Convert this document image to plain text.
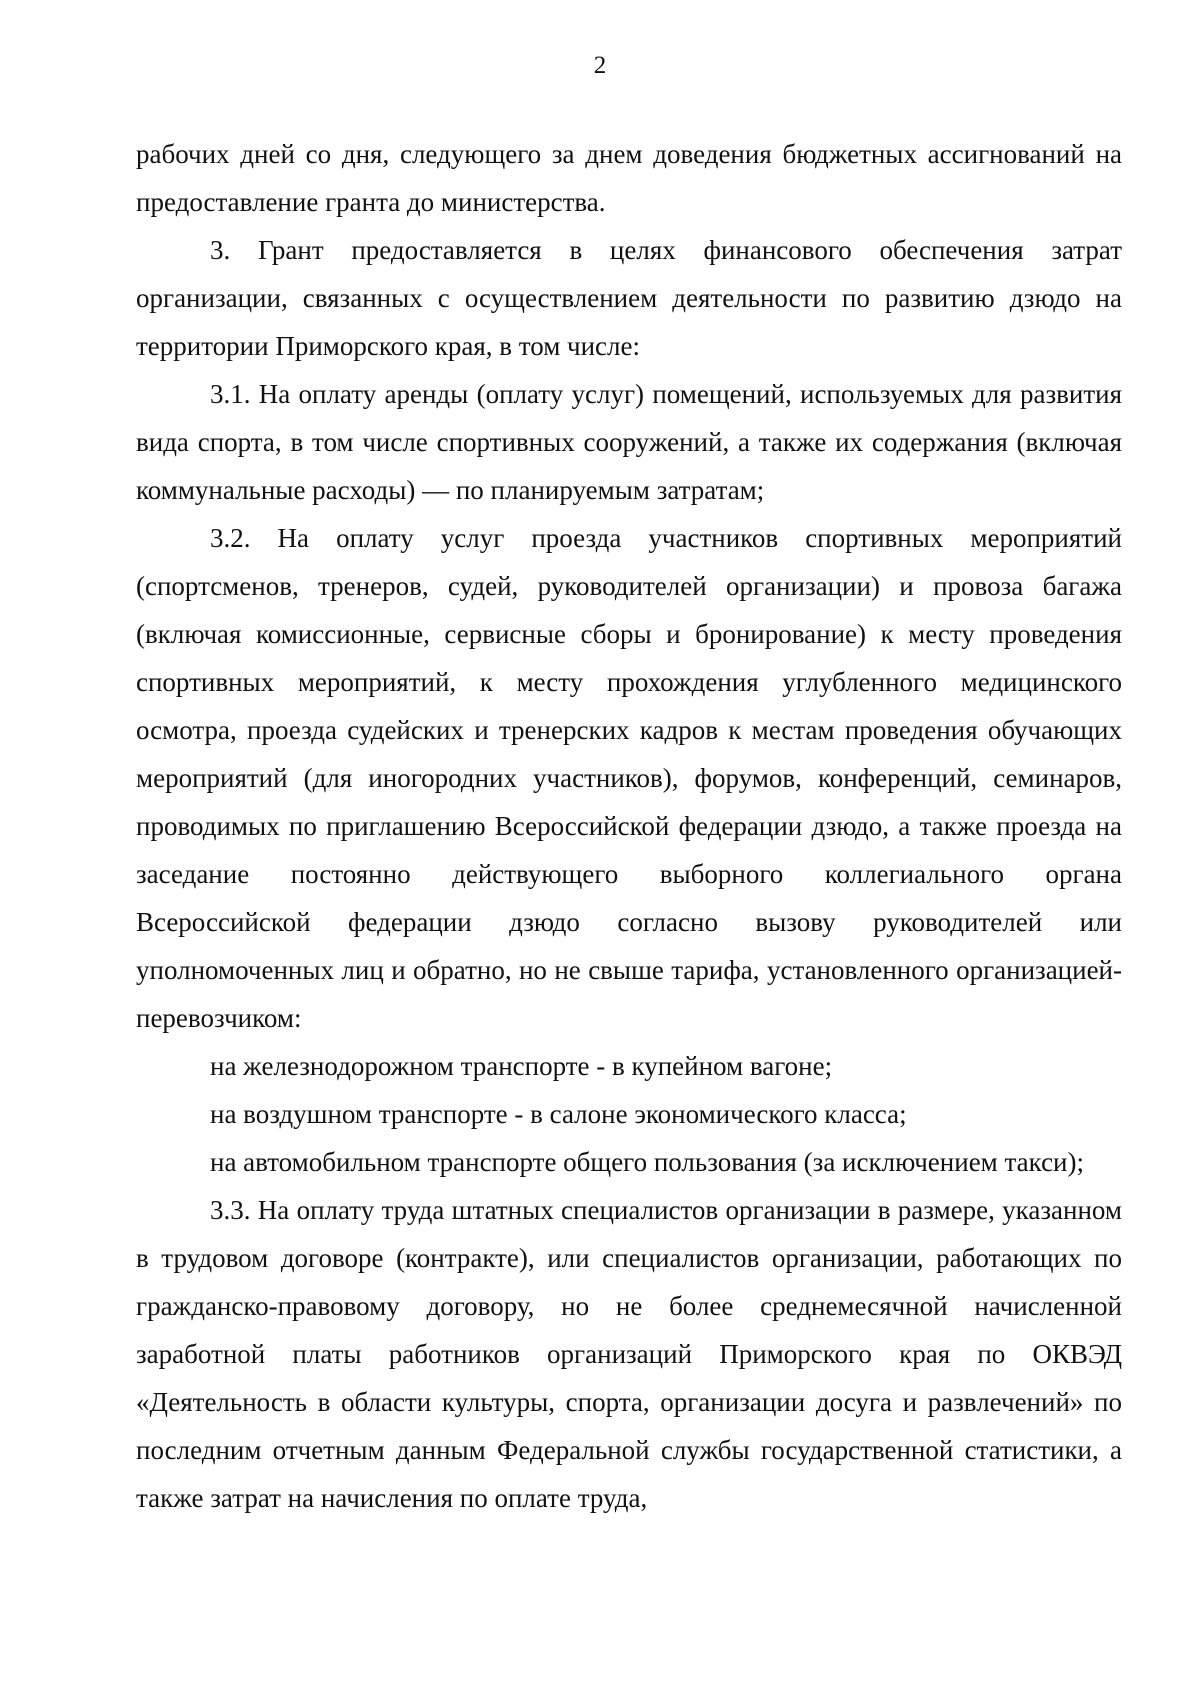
2

рабочих дней со дня, следующего за днем доведения бюджетных ассигнований на предоставление гранта до министерства.

3. Грант предоставляется в целях финансового обеспечения затрат организации, связанных с осуществлением деятельности по развитию дзюдо на территории Приморского края, в том числе:

3.1. На оплату аренды (оплату услуг) помещений, используемых для развития вида спорта, в том числе спортивных сооружений, а также их содержания (включая коммунальные расходы) — по планируемым затратам;

3.2. На оплату услуг проезда участников спортивных мероприятий (спортсменов, тренеров, судей, руководителей организации) и провоза багажа (включая комиссионные, сервисные сборы и бронирование) к месту проведения спортивных мероприятий, к месту прохождения углубленного медицинского осмотра, проезда судейских и тренерских кадров к местам проведения обучающих мероприятий (для иногородних участников), форумов, конференций, семинаров, проводимых по приглашению Всероссийской федерации дзюдо, а также проезда на заседание постоянно действующего выборного коллегиального органа Всероссийской федерации дзюдо согласно вызову руководителей или уполномоченных лиц и обратно, но не свыше тарифа, установленного организацией-перевозчиком:

на железнодорожном транспорте - в купейном вагоне;

на воздушном транспорте - в салоне экономического класса;

на автомобильном транспорте общего пользования (за исключением такси);

3.3. На оплату труда штатных специалистов организации в размере, указанном в трудовом договоре (контракте), или специалистов организации, работающих по гражданско-правовому договору, но не более среднемесячной начисленной заработной платы работников организаций Приморского края по ОКВЭД «Деятельность в области культуры, спорта, организации досуга и развлечений» по последним отчетным данным Федеральной службы государственной статистики, а также затрат на начисления по оплате труда,
